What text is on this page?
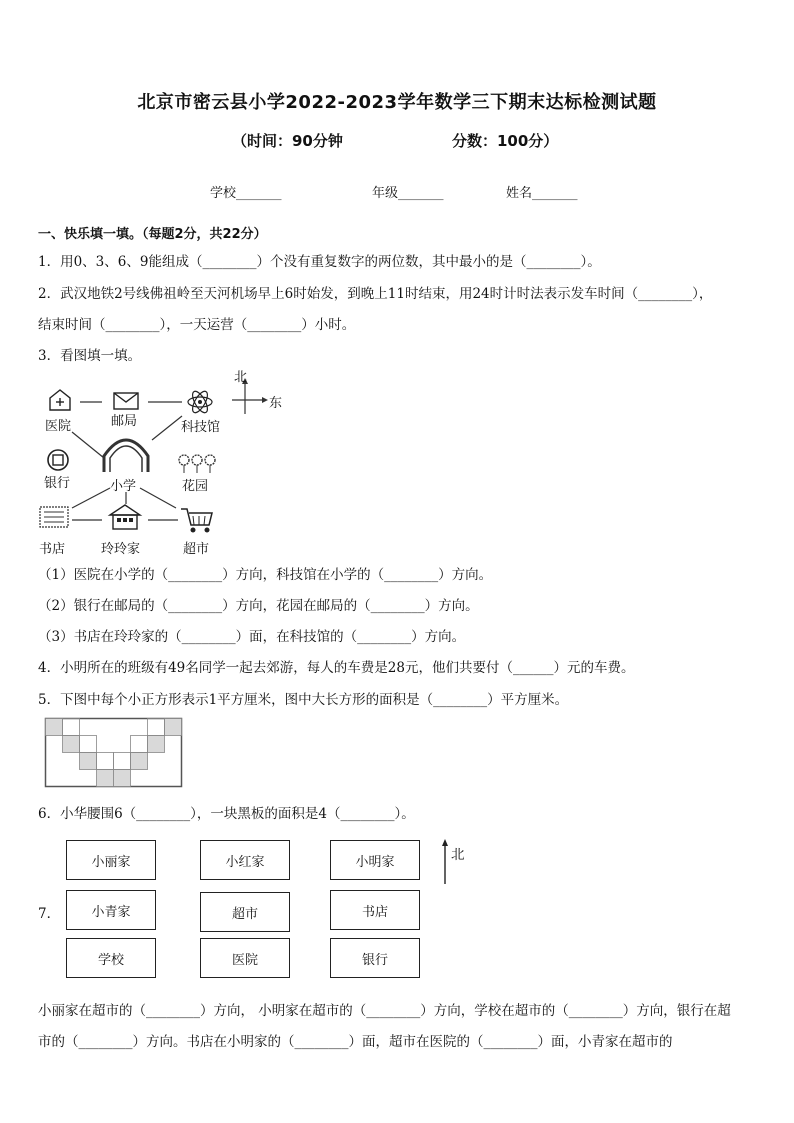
北京市密云县小学2022-2023学年数学三下期末达标检测试题
（时间：90分钟	分数：100分）
学校_______	年级_______	姓名_______
一、快乐填一填。（每题2分，共22分）
1．用0、3、6、9能组成（________）个没有重复数字的两位数，其中最小的是（________）。
2．武汉地铁2号线佛祖岭至天河机场早上6时始发，到晚上11时结束，用24时计时法表示发车时间（________），
结束时间（________），一天运营（________）小时。
3．看图填一填。
医院	邮局	科技馆
北
东
银行	花园
小学
书店	玲玲家	超市
（1）医院在小学的（________）方向，科技馆在小学的（________）方向。
（2）银行在邮局的（________）方向，花园在邮局的（________）方向。
（3）书店在玲玲家的（________）面，在科技馆的（________）方向。
4．小明所在的班级有49名同学一起去郊游，每人的车费是28元，他们共要付（______）元的车费。
5．下图中每个小正方形表示1平方厘米，图中大长方形的面积是（________）平方厘米。
6．小华腰围6（________），一块黑板的面积是4（________）。
7．
小丽家	小红家	小明家
小青家	超市	书店
学校	医院	银行
北
小丽家在超市的（________）方向， 小明家在超市的（________）方向，学校在超市的（________）方向，银行在超
市的（________）方向。书店在小明家的（________）面，超市在医院的（________）面，小青家在超市的
